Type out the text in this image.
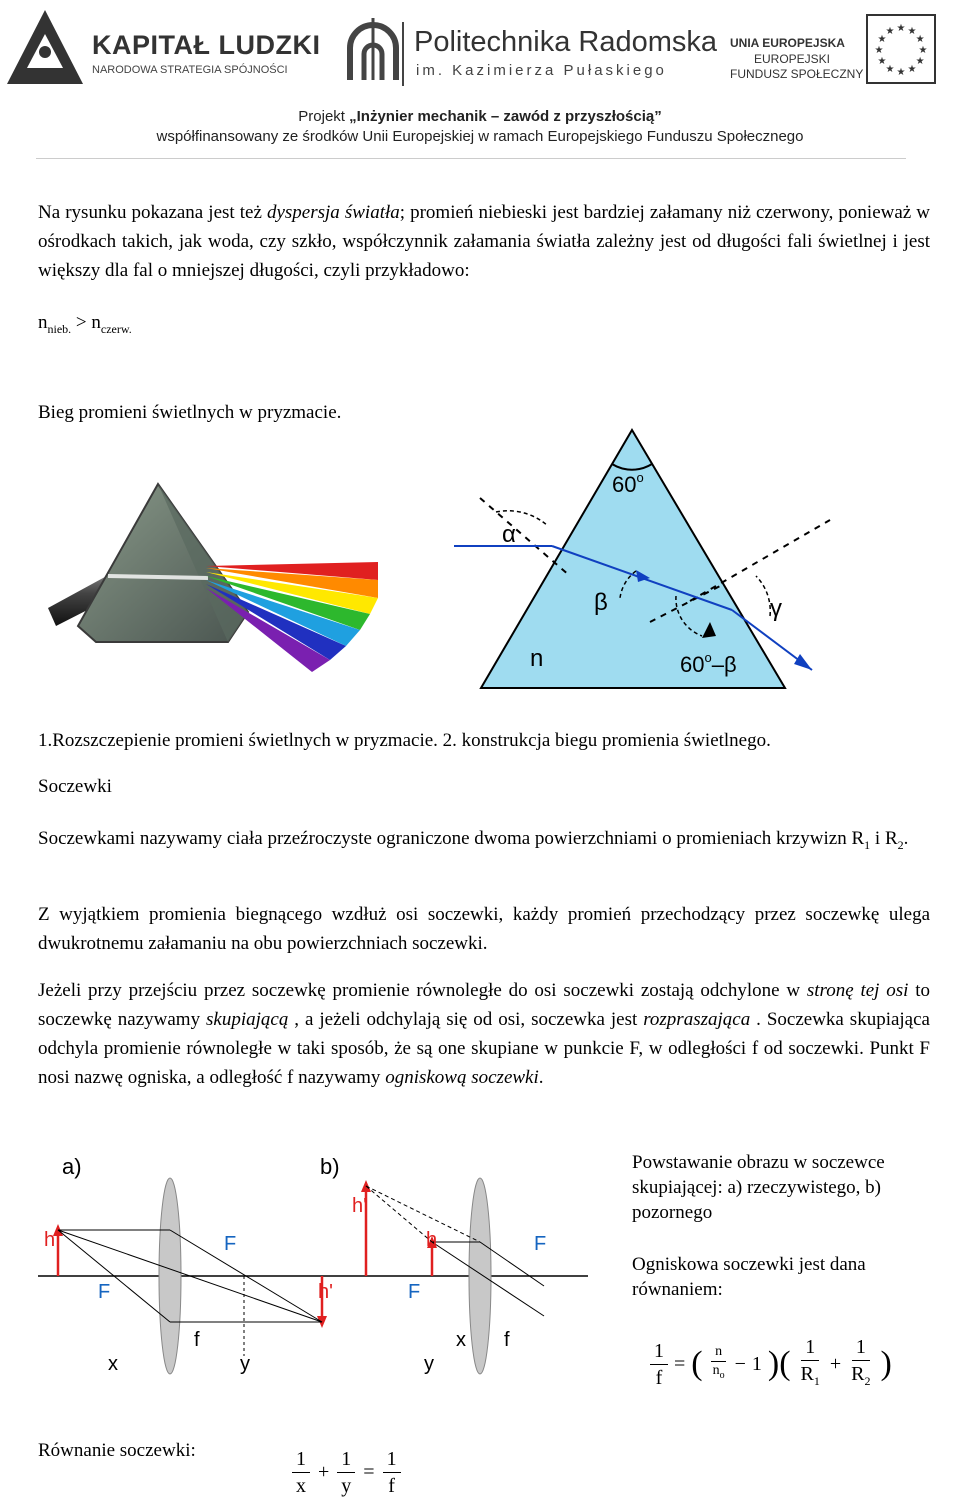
KAPITAŁ LUDZKI
NARODOWA STRATEGIA SPÓJNOŚCI
Politechnika Radomska
im. Kazimierza Pułaskiego
UNIA EUROPEJSKA
EUROPEJSKI
FUNDUSZ SPOŁECZNY
★
★
★
★
★
★
★
★
★ ★ ★
★
Projekt „Inżynier mechanik – zawód z przyszłością”
współfinansowany ze środków Unii Europejskiej w ramach Europejskiego Funduszu Społecznego
Na rysunku pokazana jest też dyspersja światła; promień niebieski jest bardziej załamany niż czerwony, ponieważ w ośrodkach takich, jak woda, czy szkło, współczynnik załamania światła zależny jest od długości fali świetlnej i jest większy dla fal o mniejszej długości, czyli przykładowo:
$n_{nieb.} > n_{czerw.}$
Bieg promieni świetlnych w pryzmacie.
60$^o$
α
β	γ
n	60$^o$–β
1.Rozszczepienie promieni świetlnych w pryzmacie. 2. konstrukcja biegu promienia świetlnego.
Soczewki
Soczewkami nazywamy ciała przeźroczyste ograniczone dwoma powierzchniami o promieniach krzywizn $R_1$ i $R_2$.
Z wyjątkiem promienia biegnącego wzdłuż osi soczewki, każdy promień przechodzący przez soczewkę ulega dwukrotnemu załamaniu na obu powierzchniach soczewki.
Jeżeli przy przejściu przez soczewkę promienie równoległe do osi soczewki zostają odchylone w stronę tej osi to soczewkę nazywamy skupiającą , a jeżeli odchylają się od osi, soczewka jest rozpraszająca . Soczewka skupiająca odchyla promienie równoległe w taki sposób, że są one skupiane w punkcie F, w odległości f od soczewki. Punkt F nosi nazwę ogniska, a odległość f nazywamy ogniskową soczewki.
a)	b)
h	F
F	h'
f
x	y
h'
h	F
F
x f
y
Powstawanie obrazu w soczewce skupiającej: a) rzeczywistego, b) pozornego
Ogniskowa soczewki jest dana równaniem:
$\frac{1}{f}$ = ( $\frac{n}{n_o} - 1$ )( $\frac{1}{R_1} + \frac{1}{R_2}$ )
Równanie soczewki:	$\frac{1}{x} + \frac{1}{y} = \frac{1}{f}$
